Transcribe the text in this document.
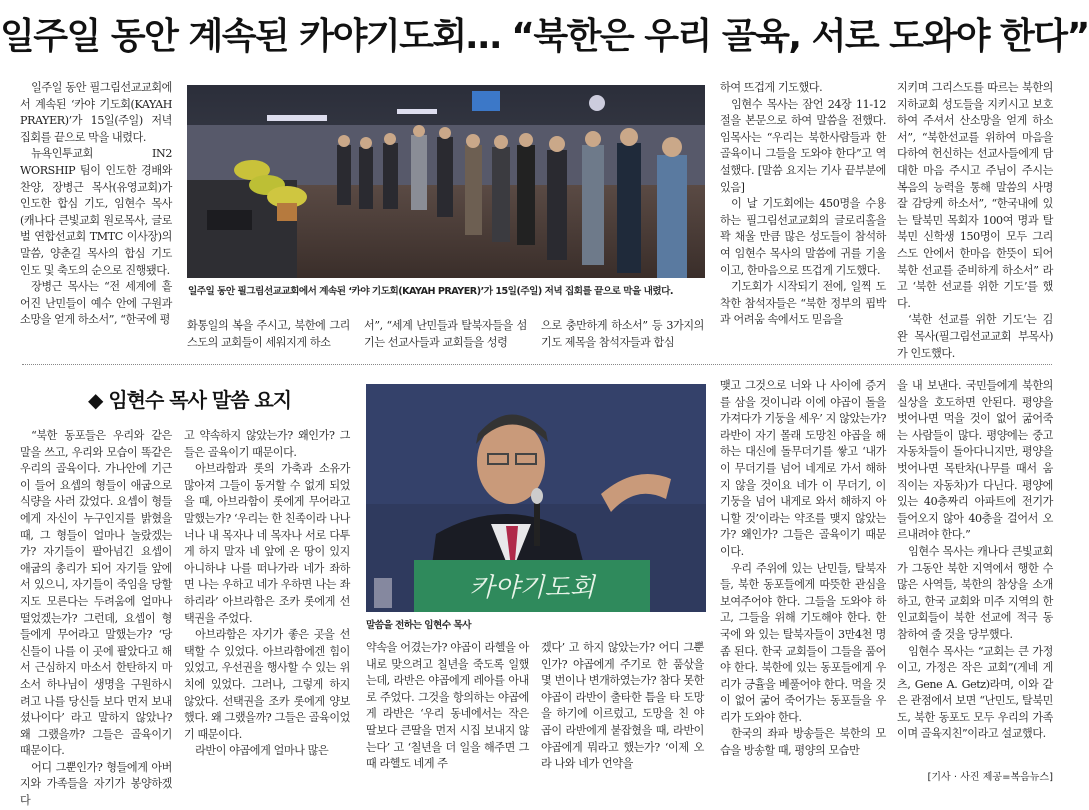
일주일 동안 계속된 카야기도회… “북한은 우리 골육, 서로 도와야 한다”

일주일 동안 필그림선교교회에서 계속된 ‘카야 기도회(KAYAH PRAYER)’가 15일(주일) 저녁 집회를 끝으로 막을 내렸다.

뉴욕인투교회 IN2 WORSHIP 팀이 인도한 경배와 찬양, 장병근 목사(유영교회)가 인도한 합심 기도, 임현수 목사(캐나다 큰빛교회 원로목사, 글로벌 연합선교회 TMTC 이사장)의 말씀, 양춘길 목사의 합심 기도 인도 및 축도의 순으로 진행됐다.

장병근 목사는 “전 세계에 흩어진 난민들이 예수 안에 구원과 소망을 얻게 하소서”, “한국에 평

일주일 동안 필그림선교교회에서 계속된 ‘카야 기도회(KAYAH PRAYER)’가 15일(주일) 저녁 집회를 끝으로 막을 내렸다.

화통일의 복을 주시고, 북한에 그리스도의 교회들이 세워지게 하소

서”, “세계 난민들과 탈북자들을 섬기는 선교사들과 교회들을 성령

으로 충만하게 하소서” 등 3가지의 기도 제목을 참석자들과 합심

하여 뜨겁게 기도했다.

임현수 목사는 잠언 24장 11-12절을 본문으로 하여 말씀을 전했다. 임목사는 “우리는 북한사람들과 한 골육이니 그들을 도와야 한다”고 역설했다. [말씀 요지는 기사 끝부분에 있음]

이 날 기도회에는 450명을 수용하는 필그림선교교회의 글로리홀을 꽉 채울 만큼 많은 성도들이 참석하여 임현수 목사의 말씀에 귀를 기울이고, 한마음으로 뜨겁게 기도했다.

기도회가 시작되기 전에, 일찍 도착한 참석자들은 “북한 정부의 핍박과 어려움 속에서도 믿음을

지키며 그리스도를 따르는 북한의 지하교회 성도들을 지키시고 보호하여 주셔서 산소망을 얻게 하소서”, “북한선교를 위하여 마음을 다하여 헌신하는 선교사들에게 담대한 마음 주시고 주님이 주시는 복음의 능력을 통해 말씀의 사명잘 감당케 하소서”, “한국내에 있는 탈북민 목회자 100여 명과 탈북민 신학생 150명이 모두 그리스도 안에서 한마음 한뜻이 되어 북한 선교를 준비하게 하소서” 라고 ‘북한 선교를 위한 기도’를 했다.

‘북한 선교를 위한 기도’는 김 완 목사(필그림선교교회 부목사)가 인도했다.

◆ 임현수 목사 말씀 요지

“북한 동포들은 우리와 같은 말을 쓰고, 우리와 모습이 똑같은 우리의 골육이다. 가나안에 기근이 들어 요셉의 형들이 애굽으로 식량을 사러 갔었다. 요셉이 형들에게 자신이 누구인지를 밝혔을 때, 그 형들이 얼마나 놀랐겠는가? 자기들이 팔아넘긴 요셉이 애굽의 총리가 되어 자기들 앞에 서 있으니, 자기들이 죽임을 당할지도 모른다는 두려움에 얼마나 떨었겠는가? 그런데, 요셉이 형들에게 무어라고 말했는가? ‘당신들이 나를 이 곳에 팔았다고 해서 근심하지 마소서 한탄하지 마소서 하나님이 생명을 구원하시려고 나를 당신들 보다 먼저 보내셨나이다’ 라고 말하지 않았나? 왜 그랬을까? 그들은 골육이기 때문이다.

어디 그뿐인가? 형들에게 아버지와 가족들을 자기가 봉양하겠다

고 약속하지 않았는가? 왜인가? 그들은 골육이기 때문이다.

아브라함과 롯의 가축과 소유가 많아져 그들이 동거할 수 없게 되었을 때, 아브라함이 롯에게 무어라고 말했는가? ‘우리는 한 친족이라 나나 너나 내 목자나 네 목자나 서로 다투게 하지 말자 네 앞에 온 땅이 있지 아니하냐 나를 떠나가라 네가 좌하면 나는 우하고 네가 우하면 나는 좌하리라’ 아브라함은 조카 롯에게 선택권을 주었다.

아브라함은 자기가 좋은 곳을 선택할 수 있었다. 아브라함에겐 힘이 있었고, 우선권을 행사할 수 있는 위치에 있었다. 그러나, 그렇게 하지 않았다. 선택권을 조카 롯에게 양보했다. 왜 그랬을까? 그들은 골육이었기 때문이다.

라반이 야곱에게 얼마나 많은

카야기도회
말씀을 전하는 임현수 목사

약속을 어겼는가? 야곱이 라헬을 아내로 맞으려고 칠년을 죽도록 일했는데, 라반은 야곱에게 레아를 아내로 주었다. 그것을 항의하는 야곱에게 라반은 ‘우리 동네에서는 작은 딸보다 큰딸을 먼저 시집 보내지 않는다’ 고 ‘칠년을 더 일을 해주면 그때 라헬도 네게 주

겠다’ 고 하지 않았는가? 어디 그뿐인가? 야곱에게 주기로 한 품삯을 몇 번이나 변개하였는가? 참다 못한 야곱이 라반이 출타한 틈을 타 도망을 하기에 이르렀고, 도망을 친 야곱이 라반에게 붙잡혔을 때, 라반이 야곱에게 뭐라고 했는가? ‘이제 오라 나와 네가 언약을

맺고 그것으로 너와 나 사이에 증거를 삼을 것이니라 이에 야곱이 돌을 가져다가 기둥을 세우’ 지 않았는가? 라반이 자기 몰래 도망친 야곱을 해하는 대신에 돌무더기를 쌓고 ‘내가 이 무더기를 넘어 네게로 가서 해하지 않을 것이요 네가 이 무더기, 이 기둥을 넘어 내게로 와서 해하지 아니할 것’이라는 약조를 맺지 않았는가? 왜인가? 그들은 골육이기 때문이다.

우리 주위에 있는 난민들, 탈북자들, 북한 동포들에게 따뜻한 관심을 보여주어야 한다. 그들을 도와야 하고, 그들을 위해 기도해야 한다. 한국에 와 있는 탈북자들이 3만4천 명 좀 된다. 한국 교회들이 그들을 품어야 한다. 북한에 있는 동포들에게 우리가 긍휼을 베풀어야 한다. 먹을 것이 없어 굶어 죽어가는 동포들을 우리가 도와야 한다.

한국의 좌파 방송들은 북한의 모습을 방송할 때, 평양의 모습만

을 내 보낸다. 국민들에게 북한의 실상을 호도하면 안된다. 평양을 벗어나면 먹을 것이 없어 굶어죽는 사람들이 많다. 평양에는 중고 자동차들이 돌아다니지만, 평양을 벗어나면 목탄차(나무를 때서 움직이는 자동차)가 다닌다. 평양에 있는 40층짜리 아파트에 전기가 들어오지 않아 40층을 걸어서 오르내려야 한다.”

임현수 목사는 캐나다 큰빛교회가 그동안 북한 지역에서 행한 수 많은 사역들, 북한의 참상을 소개하고, 한국 교회와 미주 지역의 한인교회들이 북한 선교에 적극 동참하여 줄 것을 당부했다.

임현수 목사는 “교회는 큰 가정이고, 가정은 작은 교회”(게네 게츠, Gene A. Getz)라며, 이와 같은 관점에서 보면 “난민도, 탈북민도, 북한 동포도 모두 우리의 가족이며 골육지친”이라고 설교했다.

[기사 · 사진 제공=복음뉴스]
